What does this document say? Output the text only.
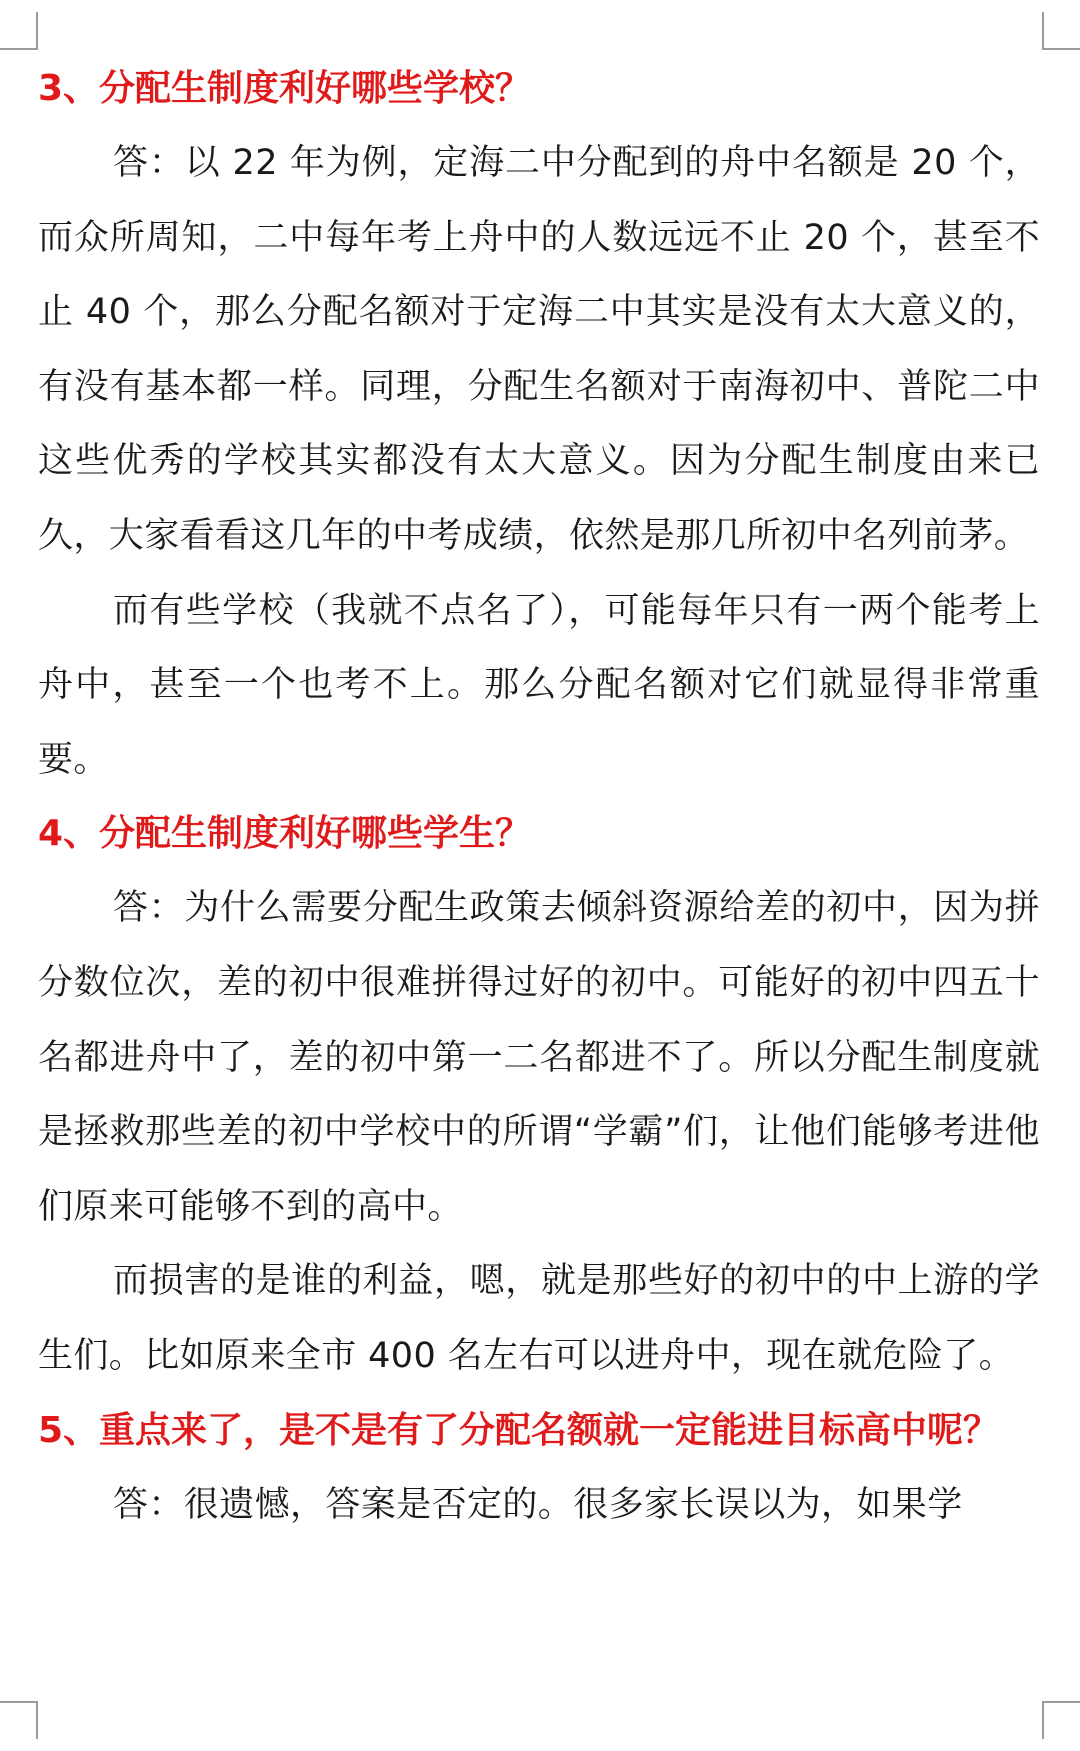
3、分配生制度利好哪些学校？

答：以 22 年为例，定海二中分配到的舟中名额是 20 个，而众所周知，二中每年考上舟中的人数远远不止 20 个，甚至不止 40 个，那么分配名额对于定海二中其实是没有太大意义的，有没有基本都一样。同理，分配生名额对于南海初中、普陀二中这些优秀的学校其实都没有太大意义。因为分配生制度由来已久，大家看看这几年的中考成绩，依然是那几所初中名列前茅。

而有些学校（我就不点名了），可能每年只有一两个能考上舟中，甚至一个也考不上。那么分配名额对它们就显得非常重要。

4、分配生制度利好哪些学生？

答：为什么需要分配生政策去倾斜资源给差的初中，因为拼分数位次，差的初中很难拼得过好的初中。可能好的初中四五十名都进舟中了，差的初中第一二名都进不了。所以分配生制度就是拯救那些差的初中学校中的所谓“学霸”们，让他们能够考进他们原来可能够不到的高中。

而损害的是谁的利益，嗯，就是那些好的初中的中上游的学生们。比如原来全市 400 名左右可以进舟中，现在就危险了。

5、重点来了，是不是有了分配名额就一定能进目标高中呢？

答：很遗憾，答案是否定的。很多家长误以为，如果学
